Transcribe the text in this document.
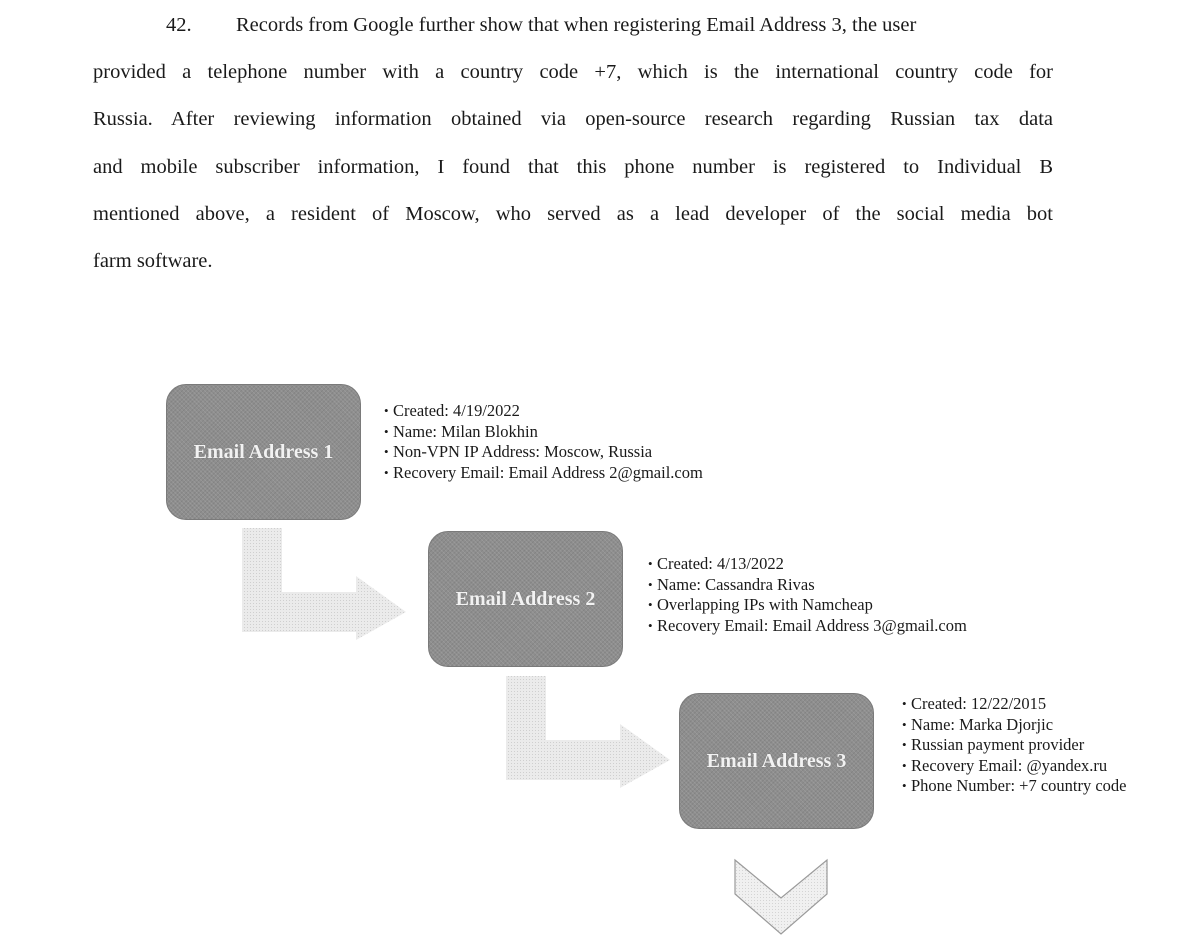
42. Records from Google further show that when registering Email Address 3, the user
provided a telephone number with a country code +7, which is the international country code for
Russia. After reviewing information obtained via open-source research regarding Russian tax data
and mobile subscriber information, I found that this phone number is registered to Individual B
mentioned above, a resident of Moscow, who served as a lead developer of the social media bot
farm software.
Email Address 1
• Created: 4/19/2022
• Name: Milan Blokhin
• Non-VPN IP Address: Moscow, Russia
• Recovery Email: Email Address 2@gmail.com
Email Address 2
• Created: 4/13/2022
• Name: Cassandra Rivas
• Overlapping IPs with Namcheap
• Recovery Email: Email Address 3@gmail.com
Email Address 3
• Created: 12/22/2015
• Name: Marka Djorjic
• Russian payment provider
• Recovery Email: @yandex.ru
• Phone Number: +7 country code
